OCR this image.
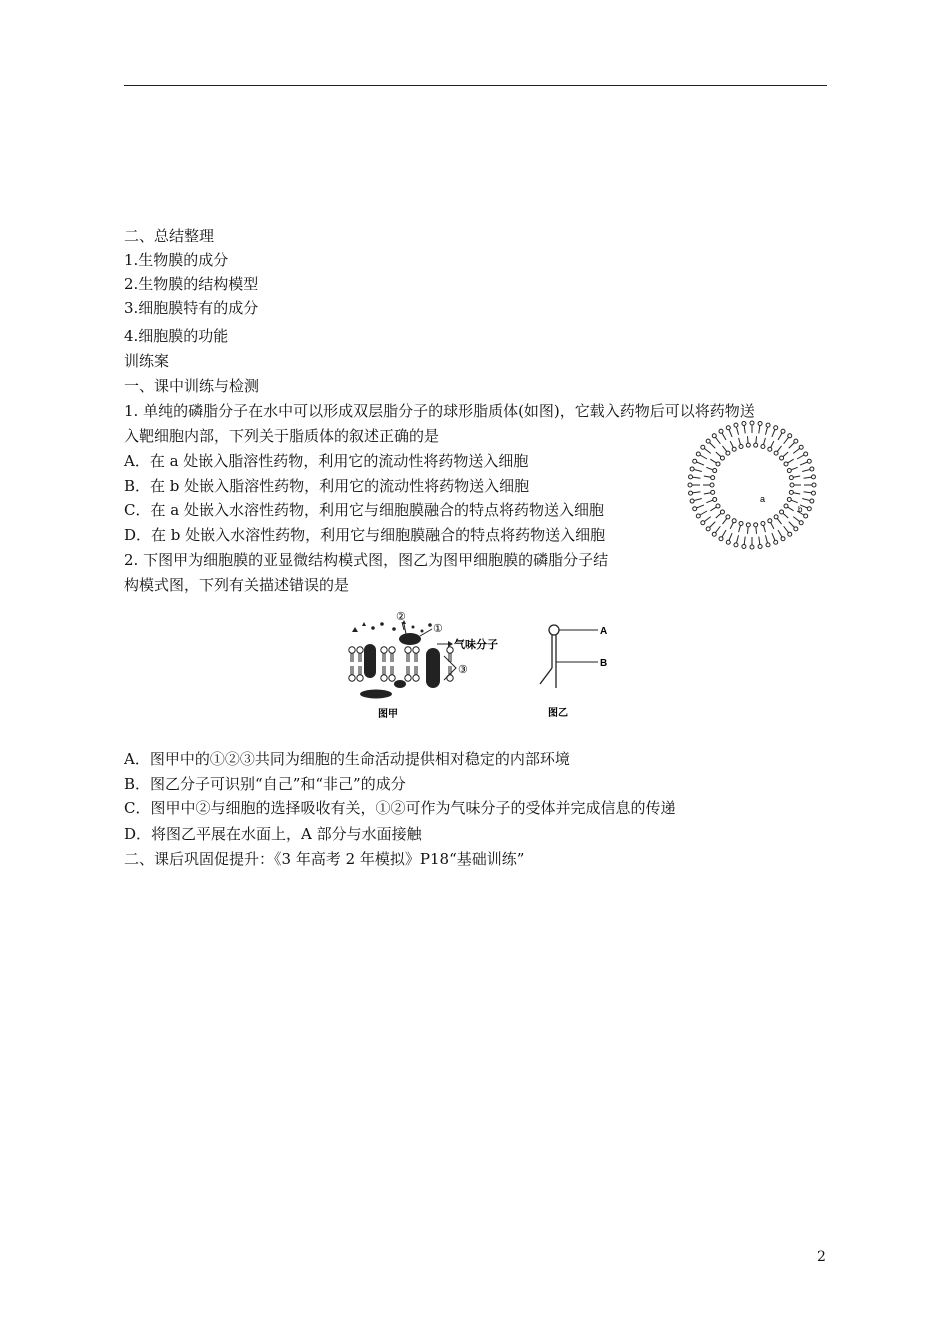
二、总结整理
1.生物膜的成分
2.生物膜的结构模型
3.细胞膜特有的成分
4.细胞膜的功能
训练案
一、课中训练与检测
1. 单纯的磷脂分子在水中可以形成双层脂分子的球形脂质体(如图)，它载入药物后可以将药物送
入靶细胞内部，下列关于脂质体的叙述正确的是
A．在 a 处嵌入脂溶性药物，利用它的流动性将药物送入细胞
B．在 b 处嵌入脂溶性药物，利用它的流动性将药物送入细胞
C．在 a 处嵌入水溶性药物，利用它与细胞膜融合的特点将药物送入细胞
D．在 b 处嵌入水溶性药物，利用它与细胞膜融合的特点将药物送入细胞
2. 下图甲为细胞膜的亚显微结构模式图，图乙为图甲细胞膜的磷脂分子结
构模式图，下列有关描述错误的是
a
b
②
①
气味分子
③
图甲
A
B
图乙
A．图甲中的①②③共同为细胞的生命活动提供相对稳定的内部环境
B．图乙分子可识别“自己”和“非己”的成分
C．图甲中②与细胞的选择吸收有关，①②可作为气味分子的受体并完成信息的传递
D．将图乙平展在水面上，A 部分与水面接触
二、课后巩固促提升：《3 年高考 2 年模拟》P18“基础训练”
2
